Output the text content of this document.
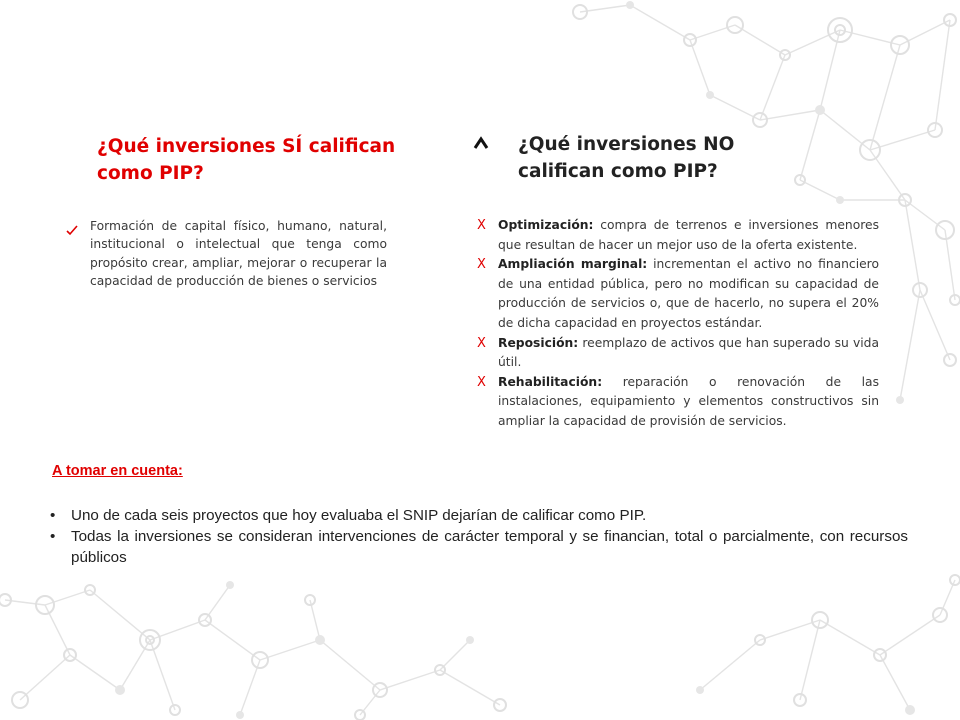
¿Qué inversiones SÍ califican como PIP?
Formación de capital físico, humano, natural, institucional o intelectual que tenga como propósito crear, ampliar, mejorar o recuperar la capacidad de producción de bienes o servicios
¿Qué inversiones NO califican como PIP?
X Optimización: compra de terrenos e inversiones menores que resultan de hacer un mejor uso de la oferta existente.
X Ampliación marginal: incrementan el activo no financiero de una entidad pública, pero no modifican su capacidad de producción de servicios o, que de hacerlo, no supera el 20% de dicha capacidad en proyectos estándar.
X Reposición: reemplazo de activos que han superado su vida útil.
X Rehabilitación: reparación o renovación de las instalaciones, equipamiento y elementos constructivos sin ampliar la capacidad de provisión de servicios.
A tomar en cuenta:
• Uno de cada seis proyectos que hoy evaluaba el SNIP dejarían de calificar como PIP.
• Todas la inversiones se consideran intervenciones de carácter temporal y se financian, total o parcialmente, con recursos públicos
